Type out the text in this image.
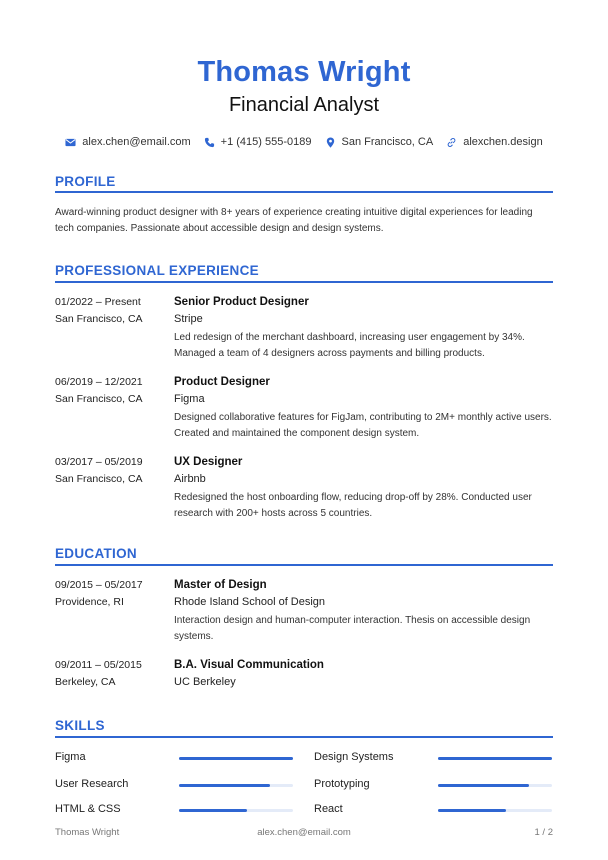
Thomas Wright
Financial Analyst
alex.chen@email.com	+1 (415) 555-0189	San Francisco, CA	alexchen.design
PROFILE
Award-winning product designer with 8+ years of experience creating intuitive digital experiences for leading tech companies. Passionate about accessible design and design systems.
PROFESSIONAL EXPERIENCE
01/2022 – Present
San Francisco, CA
Senior Product Designer
Stripe
Led redesign of the merchant dashboard, increasing user engagement by 34%. Managed a team of 4 designers across payments and billing products.
06/2019 – 12/2021
San Francisco, CA
Product Designer
Figma
Designed collaborative features for FigJam, contributing to 2M+ monthly active users. Created and maintained the component design system.
03/2017 – 05/2019
San Francisco, CA
UX Designer
Airbnb
Redesigned the host onboarding flow, reducing drop-off by 28%. Conducted user research with 200+ hosts across 5 countries.
EDUCATION
09/2015 – 05/2017
Providence, RI
Master of Design
Rhode Island School of Design
Interaction design and human-computer interaction. Thesis on accessible design systems.
09/2011 – 05/2015
Berkeley, CA
B.A. Visual Communication
UC Berkeley
SKILLS
Figma	Design Systems
User Research	Prototyping
HTML & CSS	React
Thomas Wright	alex.chen@email.com	1 / 2
